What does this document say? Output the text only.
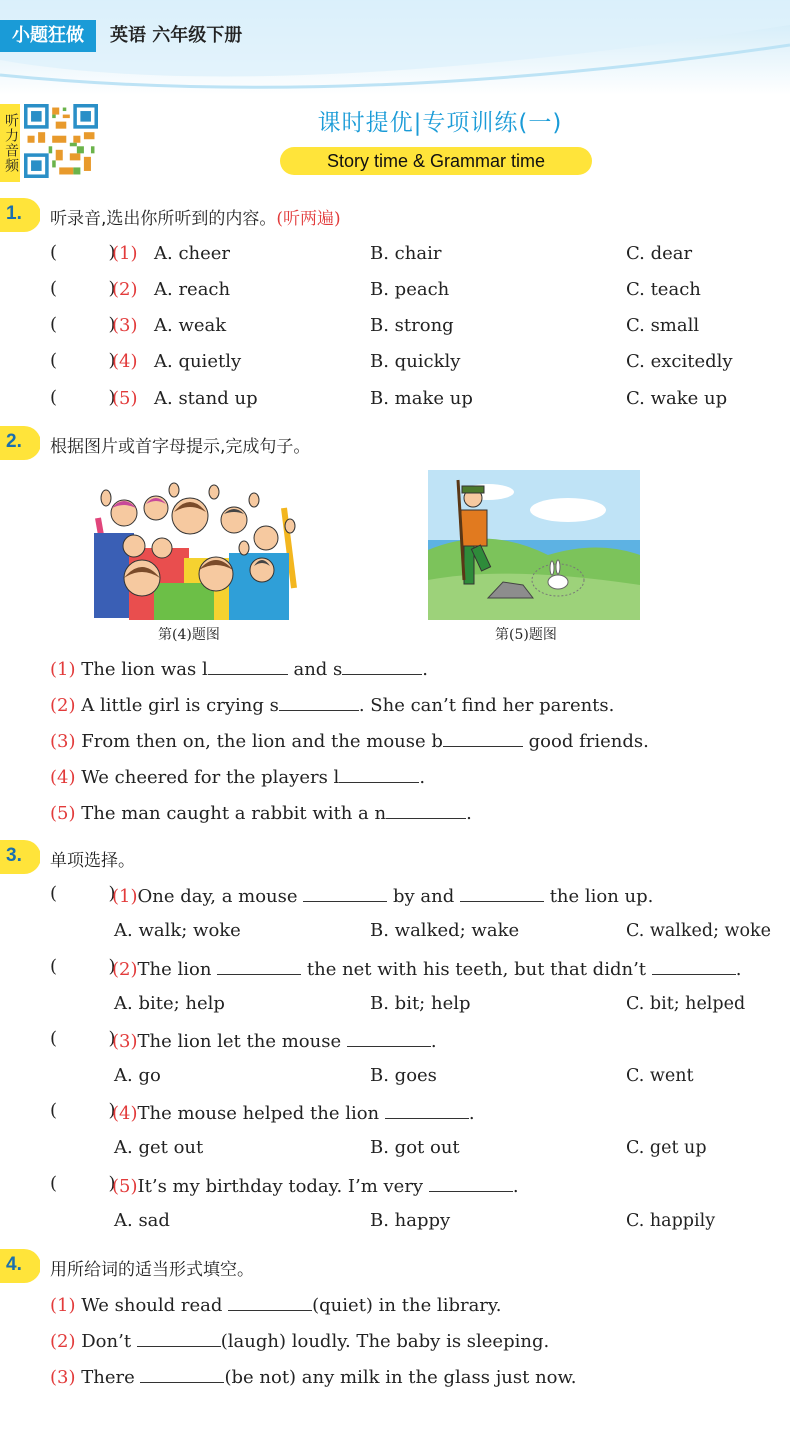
小题狂做	英语 六年级下册
听力音频	课时提优|专项训练(一)
Story time & Grammar time
1. 听录音,选出你所听到的内容。(听两遍)
(         )
(1) A. cheer	B. chair	C. dear
(         )
(2) A. reach	B. peach	C. teach
(         )
(3) A. weak	B. strong	C. small
(         )
(4) A. quietly	B. quickly	C. excitedly
(         )
(5) A. stand up	B. make up	C. wake up
2. 根据图片或首字母提示,完成句子。
第(4)题图	第(5)题图
(1) The lion was l	and s	.
(2) A little girl is crying s	. She can’t find her parents.
(3) From then on, the lion and the mouse b	good friends.
(4) We cheered for the players l	.
(5) The man caught a rabbit with a n	.
3. 单项选择。
(         )
(1)One day, a mouse	by and	the lion up.
A. walk; woke	B. walked; wake	C. walked; woke
(         )
(2)The lion	the net with his teeth, but that didn’t	.
A. bite; help	B. bit; help	C. bit; helped
(         )
(3)The lion let the mouse	.
A. go	B. goes	C. went
(         )
(4)The mouse helped the lion	.
A. get out	B. got out	C. get up
(         )
(5)It’s my birthday today. I’m very	.
A. sad	B. happy	C. happily
4. 用所给词的适当形式填空。
(1) We should read	(quiet) in the library.
(2) Don’t	(laugh) loudly. The baby is sleeping.
(3) There	(be not) any milk in the glass just now.
